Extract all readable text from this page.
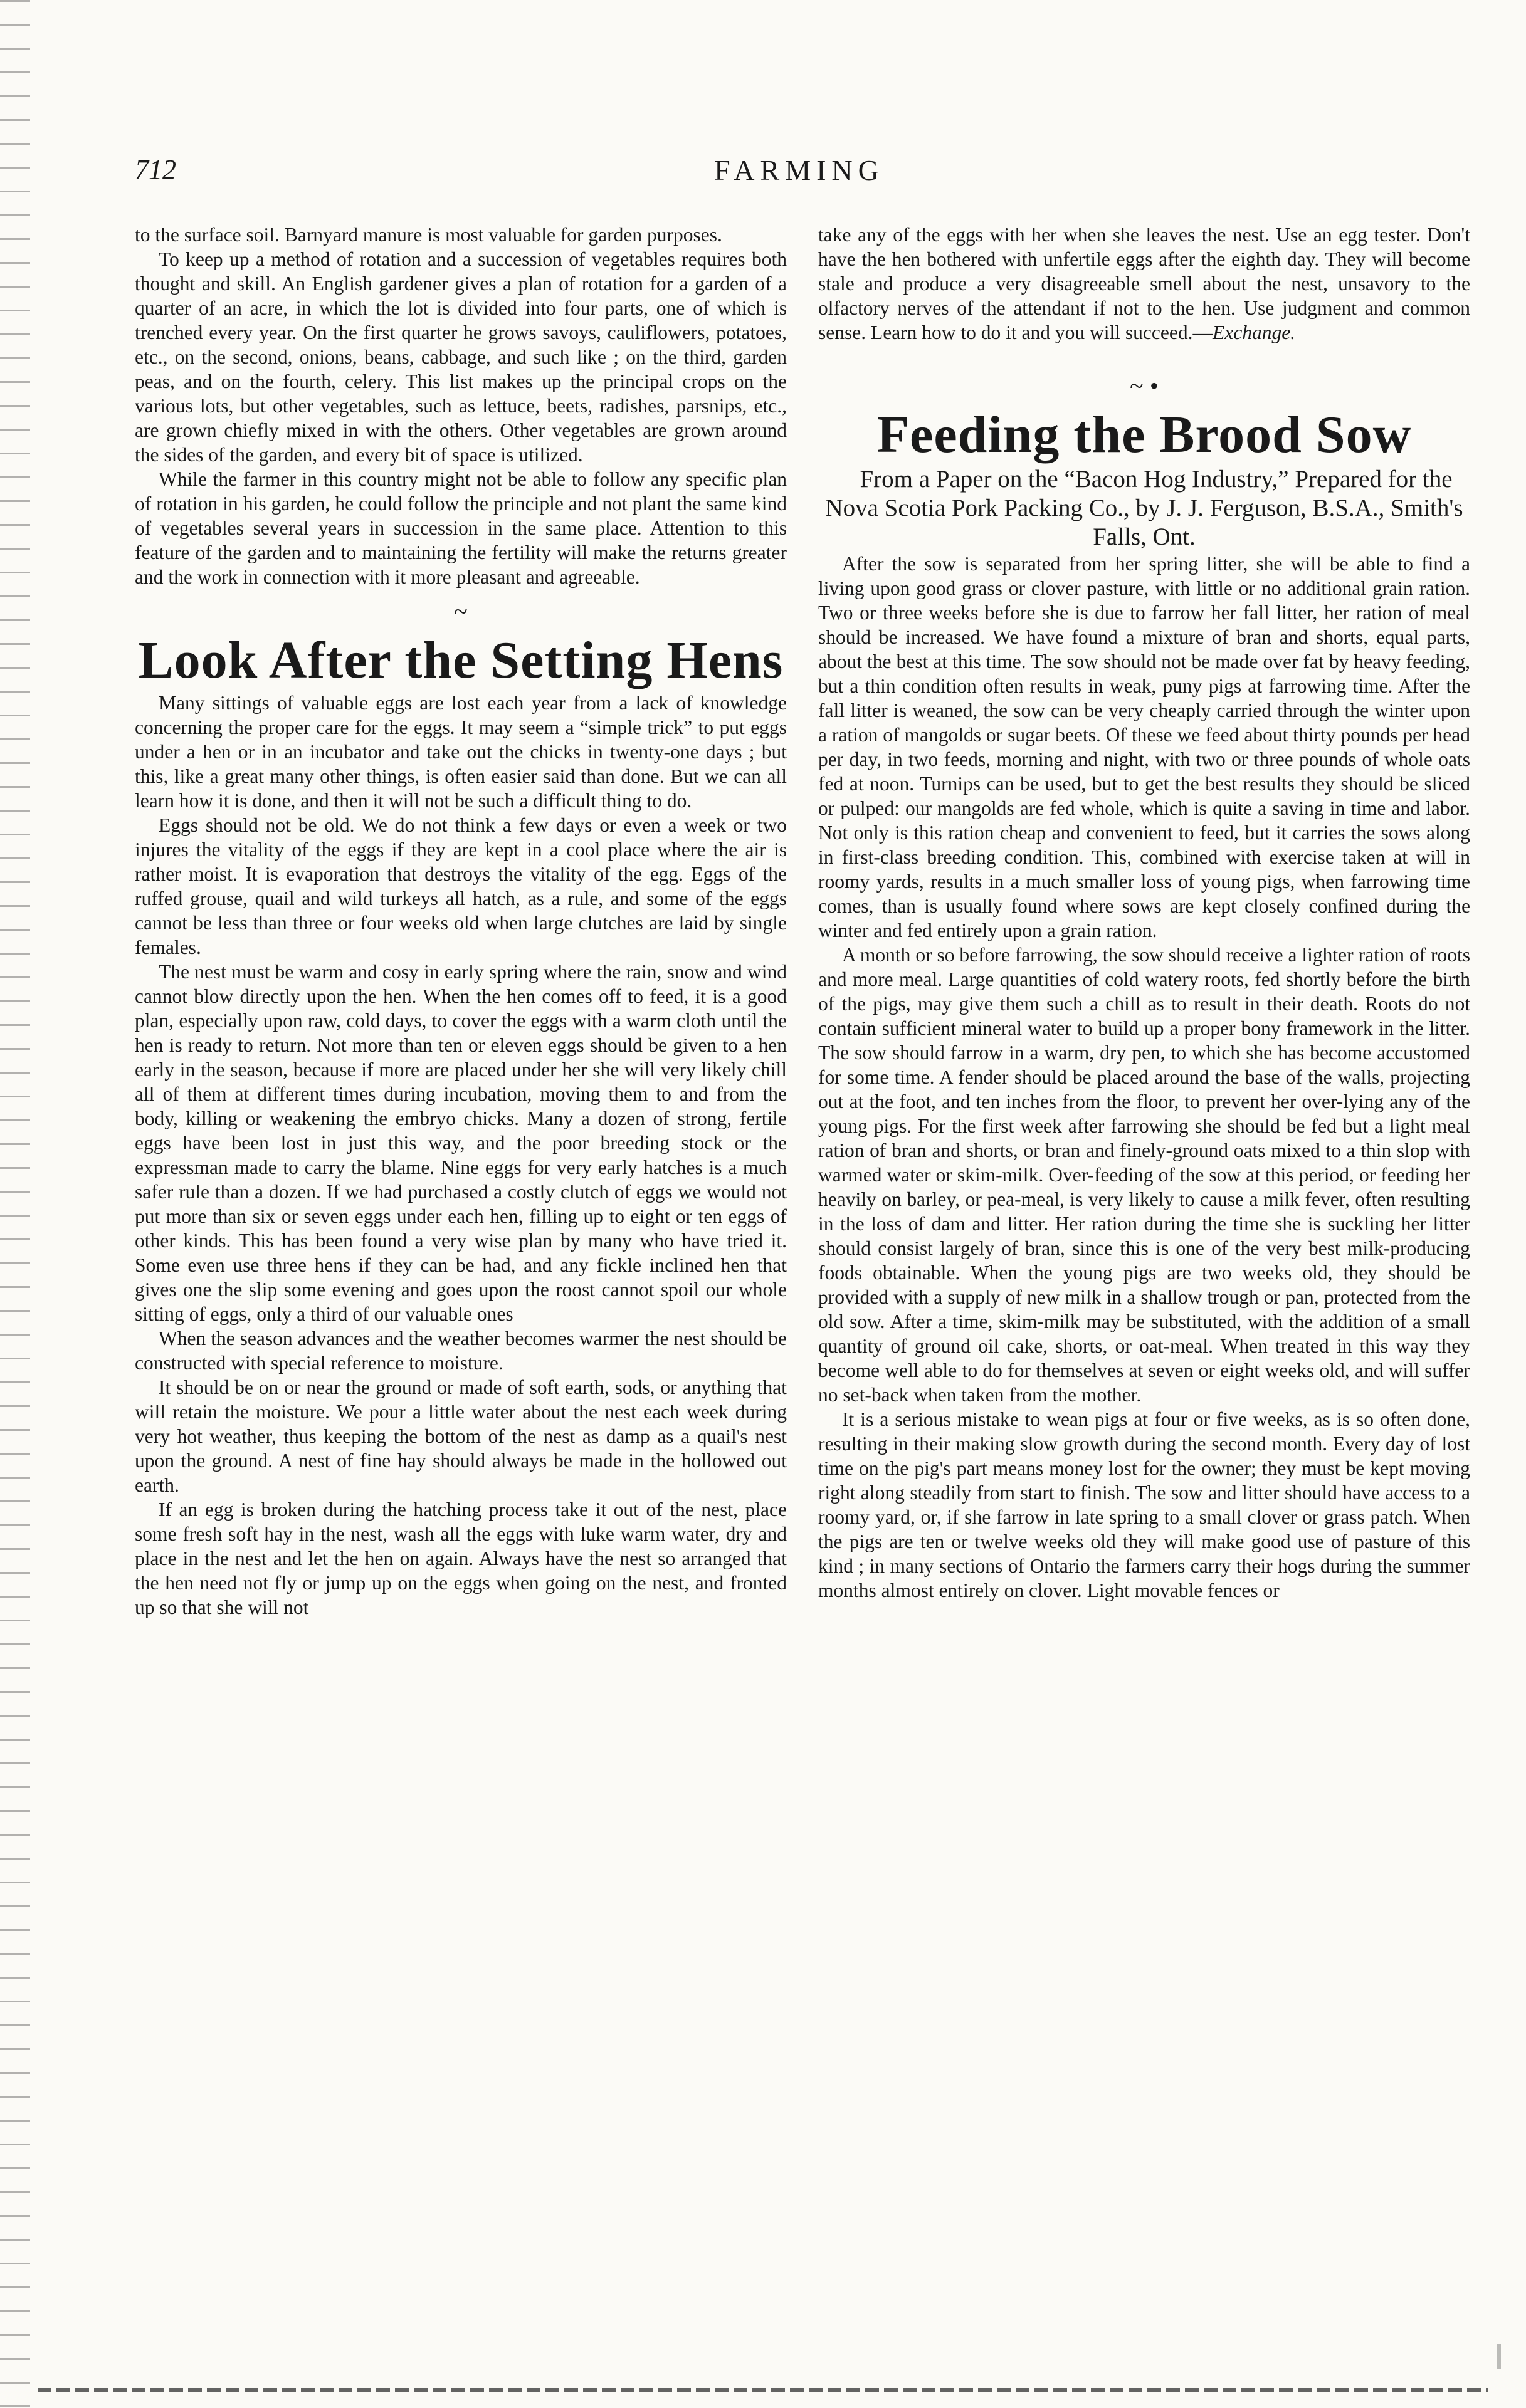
712	FARMING

to the surface soil. Barnyard manure is most valuable for garden purposes.

To keep up a method of rotation and a succession of vegetables requires both thought and skill. An English gardener gives a plan of rotation for a garden of a quarter of an acre, in which the lot is divided into four parts, one of which is trenched every year. On the first quarter he grows savoys, cauliflowers, potatoes, etc., on the second, onions, beans, cabbage, and such like ; on the third, garden peas, and on the fourth, celery. This list makes up the principal crops on the various lots, but other vegetables, such as lettuce, beets, radishes, parsnips, etc., are grown chiefly mixed in with the others. Other vegetables are grown around the sides of the garden, and every bit of space is utilized.

While the farmer in this country might not be able to follow any specific plan of rotation in his garden, he could follow the principle and not plant the same kind of vegetables several years in succession in the same place. Attention to this feature of the garden and to maintaining the fertility will make the returns greater and the work in connection with it more pleasant and agreeable.

~
Look After the Setting Hens

Many sittings of valuable eggs are lost each year from a lack of knowledge concerning the proper care for the eggs. It may seem a “simple trick” to put eggs under a hen or in an incubator and take out the chicks in twenty-one days ; but this, like a great many other things, is often easier said than done. But we can all learn how it is done, and then it will not be such a difficult thing to do.

Eggs should not be old. We do not think a few days or even a week or two injures the vitality of the eggs if they are kept in a cool place where the air is rather moist. It is evaporation that destroys the vitality of the egg. Eggs of the ruffed grouse, quail and wild turkeys all hatch, as a rule, and some of the eggs cannot be less than three or four weeks old when large clutches are laid by single females.

The nest must be warm and cosy in early spring where the rain, snow and wind cannot blow directly upon the hen. When the hen comes off to feed, it is a good plan, especially upon raw, cold days, to cover the eggs with a warm cloth until the hen is ready to return. Not more than ten or eleven eggs should be given to a hen early in the season, because if more are placed under her she will very likely chill all of them at different times during incubation, moving them to and from the body, killing or weakening the embryo chicks. Many a dozen of strong, fertile eggs have been lost in just this way, and the poor breeding stock or the expressman made to carry the blame. Nine eggs for very early hatches is a much safer rule than a dozen. If we had purchased a costly clutch of eggs we would not put more than six or seven eggs under each hen, filling up to eight or ten eggs of other kinds. This has been found a very wise plan by many who have tried it. Some even use three hens if they can be had, and any fickle inclined hen that gives one the slip some evening and goes upon the roost cannot spoil our whole sitting of eggs, only a third of our valuable ones

When the season advances and the weather becomes warmer the nest should be constructed with special reference to moisture.

It should be on or near the ground or made of soft earth, sods, or anything that will retain the moisture. We pour a little water about the nest each week during very hot weather, thus keeping the bottom of the nest as damp as a quail's nest upon the ground. A nest of fine hay should always be made in the hollowed out earth.

If an egg is broken during the hatching process take it out of the nest, place some fresh soft hay in the nest, wash all the eggs with luke warm water, dry and place in the nest and let the hen on again. Always have the nest so arranged that the hen need not fly or jump up on the eggs when going on the nest, and fronted up so that she will not

take any of the eggs with her when she leaves the nest. Use an egg tester. Don't have the hen bothered with unfertile eggs after the eighth day. They will become stale and produce a very disagreeable smell about the nest, unsavory to the olfactory nerves of the attendant if not to the hen. Use judgment and common sense. Learn how to do it and you will succeed.—Exchange.

~ •
Feeding the Brood Sow

From a Paper on the “Bacon Hog Industry,” Prepared for the Nova Scotia Pork Packing Co., by J. J. Ferguson, B.S.A., Smith's Falls, Ont.

After the sow is separated from her spring litter, she will be able to find a living upon good grass or clover pasture, with little or no additional grain ration. Two or three weeks before she is due to farrow her fall litter, her ration of meal should be increased. We have found a mixture of bran and shorts, equal parts, about the best at this time. The sow should not be made over fat by heavy feeding, but a thin condition often results in weak, puny pigs at farrowing time. After the fall litter is weaned, the sow can be very cheaply carried through the winter upon a ration of mangolds or sugar beets. Of these we feed about thirty pounds per head per day, in two feeds, morning and night, with two or three pounds of whole oats fed at noon. Turnips can be used, but to get the best results they should be sliced or pulped: our mangolds are fed whole, which is quite a saving in time and labor. Not only is this ration cheap and convenient to feed, but it carries the sows along in first-class breeding condition. This, combined with exercise taken at will in roomy yards, results in a much smaller loss of young pigs, when farrowing time comes, than is usually found where sows are kept closely confined during the winter and fed entirely upon a grain ration.

A month or so before farrowing, the sow should receive a lighter ration of roots and more meal. Large quantities of cold watery roots, fed shortly before the birth of the pigs, may give them such a chill as to result in their death. Roots do not contain sufficient mineral water to build up a proper bony framework in the litter. The sow should farrow in a warm, dry pen, to which she has become accustomed for some time. A fender should be placed around the base of the walls, projecting out at the foot, and ten inches from the floor, to prevent her over-lying any of the young pigs. For the first week after farrowing she should be fed but a light meal ration of bran and shorts, or bran and finely-ground oats mixed to a thin slop with warmed water or skim-milk. Over-feeding of the sow at this period, or feeding her heavily on barley, or pea-meal, is very likely to cause a milk fever, often resulting in the loss of dam and litter. Her ration during the time she is suckling her litter should consist largely of bran, since this is one of the very best milk-producing foods obtainable. When the young pigs are two weeks old, they should be provided with a supply of new milk in a shallow trough or pan, protected from the old sow. After a time, skim-milk may be substituted, with the addition of a small quantity of ground oil cake, shorts, or oat-meal. When treated in this way they become well able to do for themselves at seven or eight weeks old, and will suffer no set-back when taken from the mother.

It is a serious mistake to wean pigs at four or five weeks, as is so often done, resulting in their making slow growth during the second month. Every day of lost time on the pig's part means money lost for the owner; they must be kept moving right along steadily from start to finish. The sow and litter should have access to a roomy yard, or, if she farrow in late spring to a small clover or grass patch. When the pigs are ten or twelve weeks old they will make good use of pasture of this kind ; in many sections of Ontario the farmers carry their hogs during the summer months almost entirely on clover. Light movable fences or
